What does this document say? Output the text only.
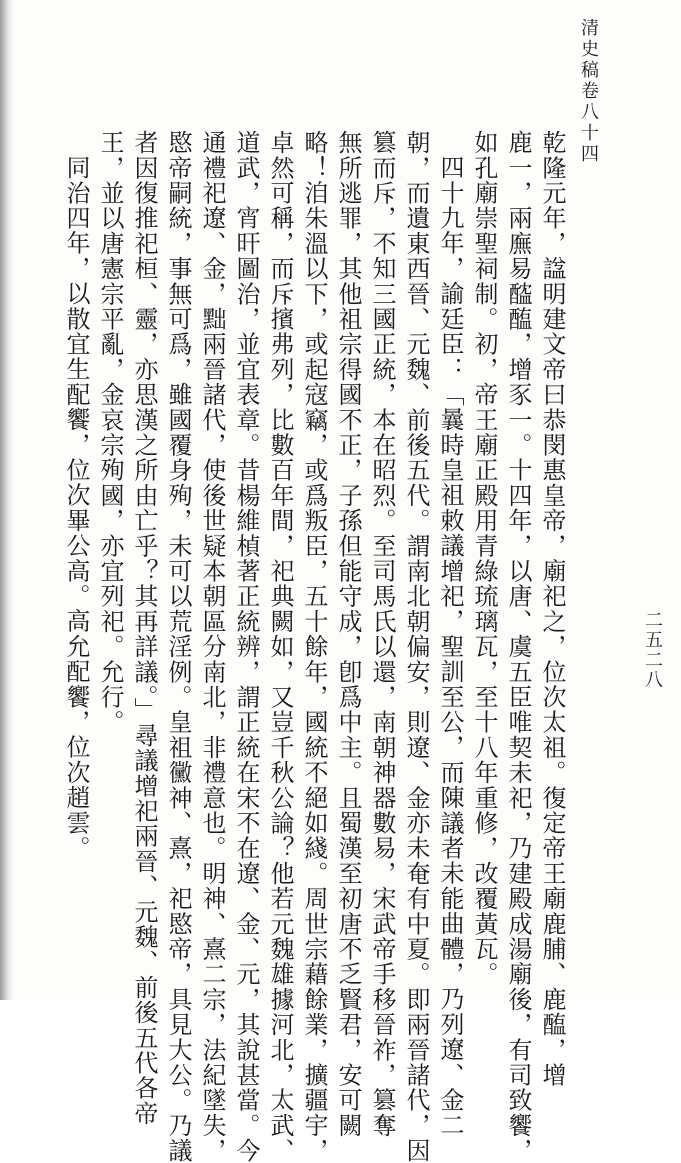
清史稿卷八十四
二五二八
乾隆元年，諡明建文帝曰恭閔惠皇帝，廟祀之，位次太祖。復定帝王廟鹿脯、鹿醢，增
鹿一，兩廡易醓醢，增豕一。十四年，以唐、虞五臣唯契未祀，乃建殿成湯廟後，有司致饗，
如孔廟崇聖祠制。初，帝王廟正殿用青綠琉璃瓦，至十八年重修，改覆黃瓦。
四十九年，諭廷臣：「曩時皇祖敕議增祀，聖訓至公，而陳議者未能曲體，乃列遼、金二
朝，而遺東西晉、元魏、前後五代。謂南北朝偏安，則遼、金亦未奄有中夏。即兩晉諸代，因
篡而斥，不知三國正統，本在昭烈。至司馬氏以還，南朝神器數易，宋武帝手移晉祚，篡奪
無所逃罪，其他祖宗得國不正，子孫但能守成，卽爲中主。且蜀漢至初唐不乏賢君，安可闕
略！洎朱溫以下，或起寇竊，或爲叛臣，五十餘年，國統不絕如綫。周世宗藉餘業，擴疆宇，
卓然可稱，而斥擯弗列，比數百年間，祀典闕如，又豈千秋公論？他若元魏雄據河北，太武、
道武，宵旰圖治，並宜表章。昔楊維楨著正統辨，謂正統在宋不在遼、金、元，其說甚當。今
通禮祀遼、金，黜兩晉諸代，使後世疑本朝區分南北，非禮意也。明神、熹二宗，法紀墜失，
愍帝嗣統，事無可爲，雖國覆身殉，未可以荒淫例。皇祖黴神、熹，祀愍帝，具見大公。乃議
者因復推祀桓、靈，亦思漢之所由亡乎？其再詳議。」尋議增祀兩晉、元魏、前後五代各帝
王，並以唐憲宗平亂，金哀宗殉國，亦宜列祀。允行。
同治四年，以散宜生配饗，位次畢公高。高允配饗，位次趙雲。
